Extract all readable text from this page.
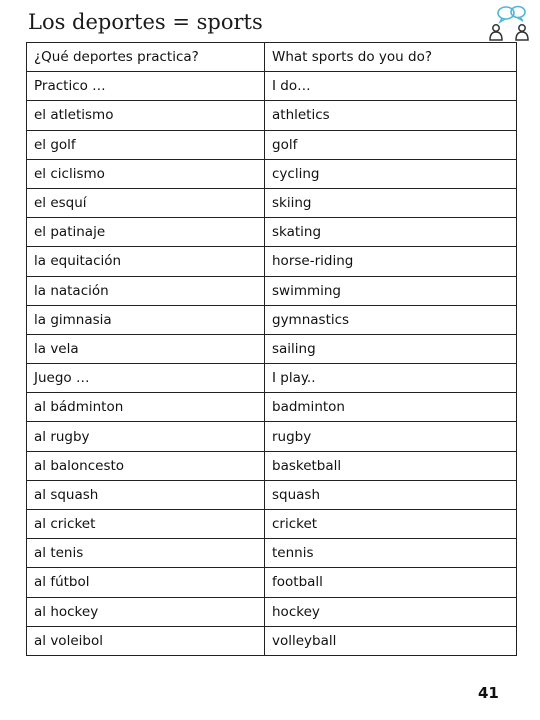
Los deportes = sports
¿Qué deportes practica?	What sports do you do?
Practico …	I do…
el atletismo	athletics
el golf	golf
el ciclismo	cycling
el esquí	skiing
el patinaje	skating
la equitación	horse-riding
la natación	swimming
la gimnasia	gymnastics
la vela	sailing
Juego …	I play..
al bádminton	badminton
al rugby	rugby
al baloncesto	basketball
al squash	squash
al cricket	cricket
al tenis	tennis
al fútbol	football
al hockey	hockey
al voleibol	volleyball
41
